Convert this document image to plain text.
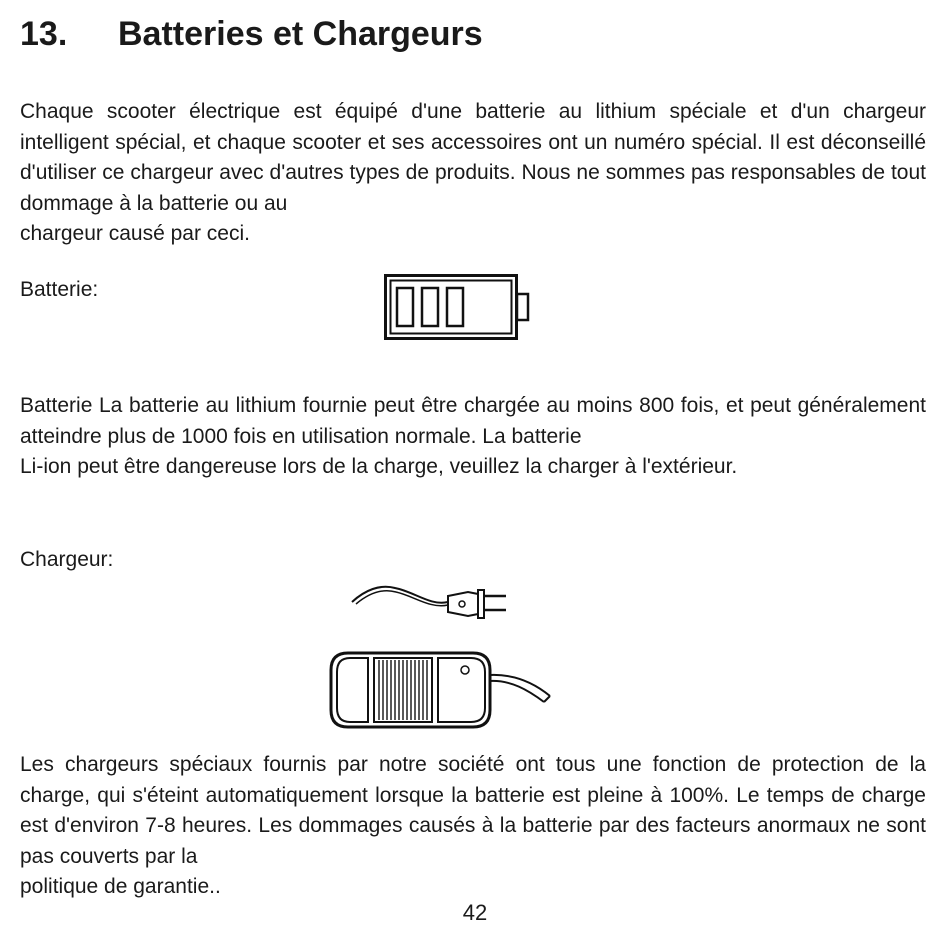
13. Batteries et Chargeurs

Chaque scooter électrique est équipé d'une batterie au lithium spéciale et d'un chargeur intelligent spécial, et chaque scooter et ses accessoires ont un numéro spécial. Il est déconseillé d'utiliser ce chargeur avec d'autres types de produits. Nous ne sommes pas responsables de tout dommage à la batterie ou au

chargeur causé par ceci.

Batterie:

Batterie La batterie au lithium fournie peut être chargée au moins 800 fois, et peut généralement atteindre plus de 1000 fois en utilisation normale. La batterie

Li-ion peut être dangereuse lors de la charge, veuillez la charger à l'extérieur.

Chargeur:

Les chargeurs spéciaux fournis par notre société ont tous une fonction de protection de la charge, qui s'éteint automatiquement lorsque la batterie est pleine à 100%. Le temps de charge est d'environ 7-8 heures. Les dommages causés à la batterie par des facteurs anormaux ne sont pas couverts par la

politique de garantie..

42
